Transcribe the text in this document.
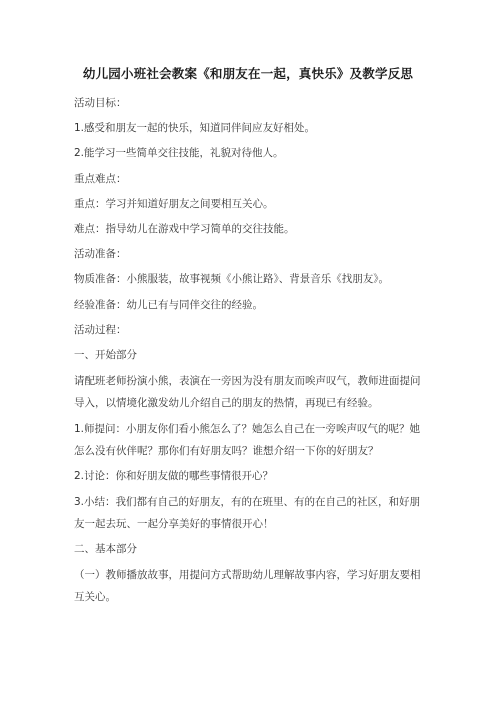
幼儿园小班社会教案《和朋友在一起，真快乐》及教学反思
活动目标：
1.感受和朋友一起的快乐，知道同伴间应友好相处。
2.能学习一些简单交往技能，礼貌对待他人。
重点难点：
重点：学习并知道好朋友之间要相互关心。
难点：指导幼儿在游戏中学习简单的交往技能。
活动准备：
物质准备：小熊服装，故事视频《小熊让路》、背景音乐《找朋友》。
经验准备：幼儿已有与同伴交往的经验。
活动过程：
一、开始部分
请配班老师扮演小熊，表演在一旁因为没有朋友而唉声叹气，教师进面提问
导入，以情境化激发幼儿介绍自己的朋友的热情，再现已有经验。
1.师提问：小朋友你们看小熊怎么了？她怎么自己在一旁唉声叹气的呢？她
怎么没有伙伴呢？那你们有好朋友吗？谁想介绍一下你的好朋友？
2.讨论：你和好朋友做的哪些事情很开心？
3.小结：我们都有自己的好朋友，有的在班里、有的在自己的社区，和好朋
友一起去玩、一起分享美好的事情很开心！
二、基本部分
（一）教师播放故事，用提问方式帮助幼儿理解故事内容，学习好朋友要相
互关心。
